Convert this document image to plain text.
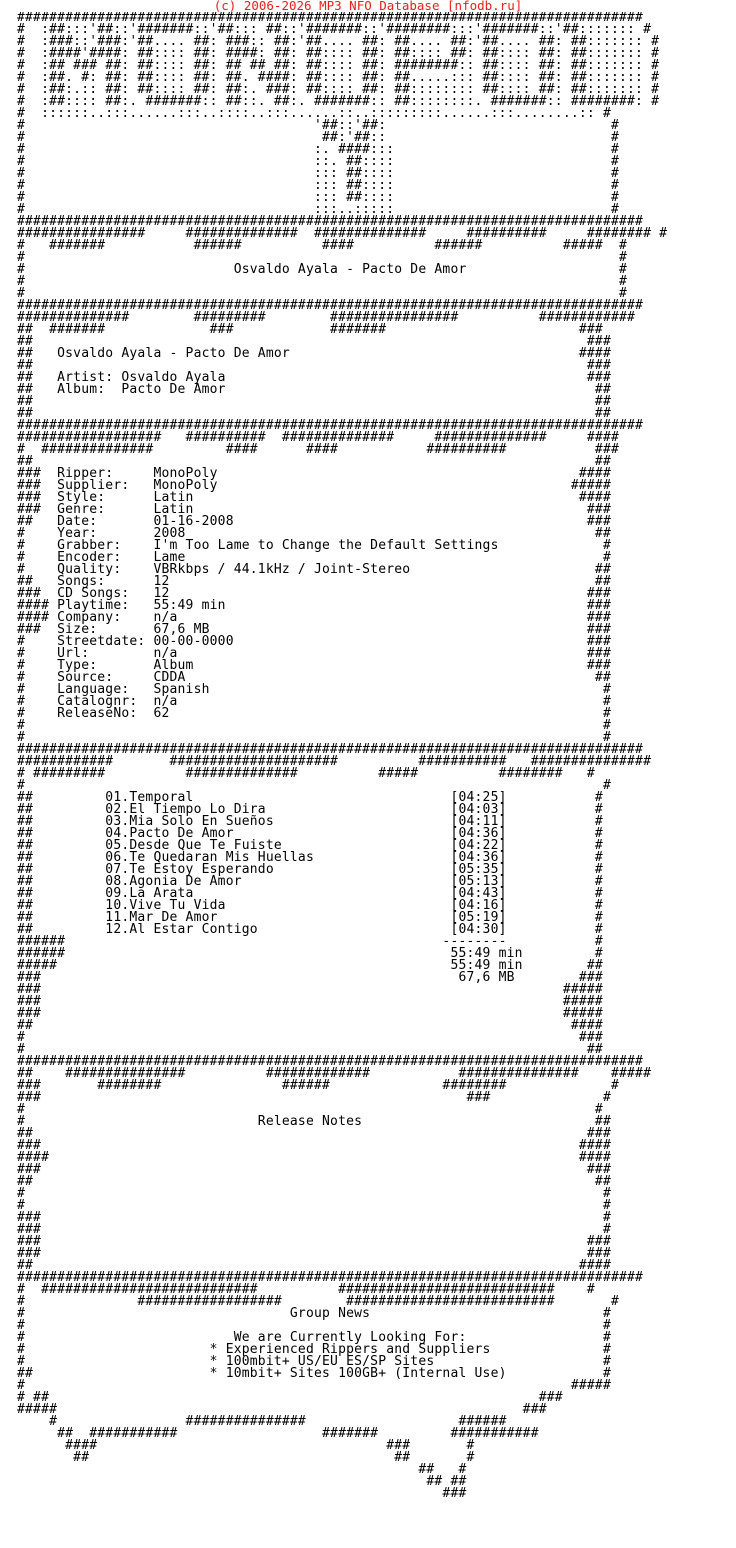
(c) 2006-2026 MP3 NFO Database [nfodb.ru]
##############################################################################
#  :##:::'##::'#######::'##::: ##::'#######::'########:::'#######::'##::::::: #
#  :###::'###:'##.... ##: ###:: ##:'##.... ##: ##.... ##:'##.... ##: ##::::::: #
#  :####'####: ##:::: ##: ####: ##: ##:::: ##: ##:::: ##: ##:::: ##: ##::::::: #
#  :## ### ##: ##:::: ##: ## ## ##: ##:::: ##: ########:: ##:::: ##: ##::::::: #
#  :##. #: ##: ##:::: ##: ##. ####: ##:::: ##: ##.....::: ##:::: ##: ##::::::: #
#  :##:.:: ##: ##:::: ##: ##:. ###: ##:::: ##: ##:::::::: ##:::: ##: ##::::::: #
#  :##:::: ##:. #######:: ##::. ##:. #######:: ##::::::::. #######:: ########: #
#  ::::::..:::......:::..::::..:::......::..:::::::::......:::........:: #
#                                    '##::'##:                            #
#                                     ##:'##::                            #
#                                    :. ####:::                           #
#                                    ::. ##::::                           #
#                                    ::: ##::::                           #
#                                    ::: ##::::                           #
#                                    ::: ##::::                           #
#                                    :::..:::::                           #
##############################################################################
################     ##############  ##############     ##########     ######## #
#   #######           ######          ####          ######          #####  #
#                                                                          #
#                          Osvaldo Ayala - Pacto De Amor                   #
#                                                                          #
#                                                                          #
##############################################################################
##############        #########        ################          ############
##  #######             ###            #######                        ###
##                                                                     ###
##   Osvaldo Ayala - Pacto De Amor                                    ####
##                                                                     ###
##   Artist: Osvaldo Ayala                                             ###
##   Album:  Pacto De Amor                                              ##
##                                                                      ##
##                                                                      ##
##############################################################################
##################   ##########  ##############     ##############     ####
#  ##############         ####      ####           ##########           ###
##                                                                      ##
###  Ripper:     MonoPoly                                             ####
###  Supplier:   MonoPoly                                            #####
###  Style:      Latin                                                ####
###  Genre:      Latin                                                 ###
##   Date:       01-16-2008                                            ###
#    Year:       2008                                                   ##
#    Grabber:    I'm Too Lame to Change the Default Settings             #
#    Encoder:    Lame                                                    #
#    Quality:    VBRkbps / 44.1kHz / Joint-Stereo                       ##
##   Songs:      12                                                     ##
###  CD Songs:   12                                                    ###
#### Playtime:   55:49 min                                             ###
#### Company:    n/a                                                   ###
###  Size:       67,6 MB                                               ###
#    Streetdate: 00-00-0000                                            ###
#    Url:        n/a                                                   ###
#    Type:       Album                                                 ###
#    Source:     CDDA                                                   ##
#    Language:   Spanish                                                 #
#    Catalognr:  n/a                                                     #
#    ReleaseNo:  62                                                      #
#                                                                        #
#                                                                        #
##############################################################################
############       #####################          ###########   ###############
# #########          ##############          #####          ########   #
#                                                                        #
##         01.Temporal                                [04:25]           #
##         02.El Tiempo Lo Dira                       [04:03]           #
##         03.Mia Solo En Sueños                      [04:11]           #
##         04.Pacto De Amor                           [04:36]           #
##         05.Desde Que Te Fuiste                     [04:22]           #
##         06.Te Quedaran Mis Huellas                 [04:36]           #
##         07.Te Estoy Esperando                      [05:35]           #
##         08.Agonia De Amor                          [05:13]           #
##         09.La Arata                                [04:43]           #
##         10.Vive Tu Vida                            [04:16]           #
##         11.Mar De Amor                             [05:19]           #
##         12.Al Estar Contigo                        [04:30]           #
######                                               --------           #
######                                                55:49 min         #
#####                                                 55:49 min        ##
###                                                    67,6 MB        ###
###                                                                 #####
###                                                                 #####
###                                                                 #####
##                                                                   ####
#                                                                     ###
#                                                                      ##
##############################################################################
##    ###############          #############           ###############    #####
###       ########               ######              ########             #
###                                                     ###              #
#                                                                       #
#                             Release Notes                             ##
##                                                                     ###
###                                                                   ####
####                                                                  ####
###                                                                    ###
##                                                                      ##
#                                                                        #
#                                                                        #
###                                                                      #
###                                                                      #
###                                                                    ###
###                                                                    ###
##                                                                    ####
##############################################################################
#  ###########################          ###########################    #
#              ##################        ##########################       #
#                                 Group News                             #
#                                                                        #
#                          We are Currently Looking For:                 #
#                       * Experienced Rippers and Suppliers              #
#                       * 100mbit+ US/EU ES/SP Sites                     #
##                      * 10mbit+ Sites 100GB+ (Internal Use)            #
#                                                                    #####
# ##                                                             ###
#####                                                          ###
#                ###############                   ######
##  ###########                  #######         ###########
####                                    ###       #
##                                      ##       #
##   #
## ##
###
